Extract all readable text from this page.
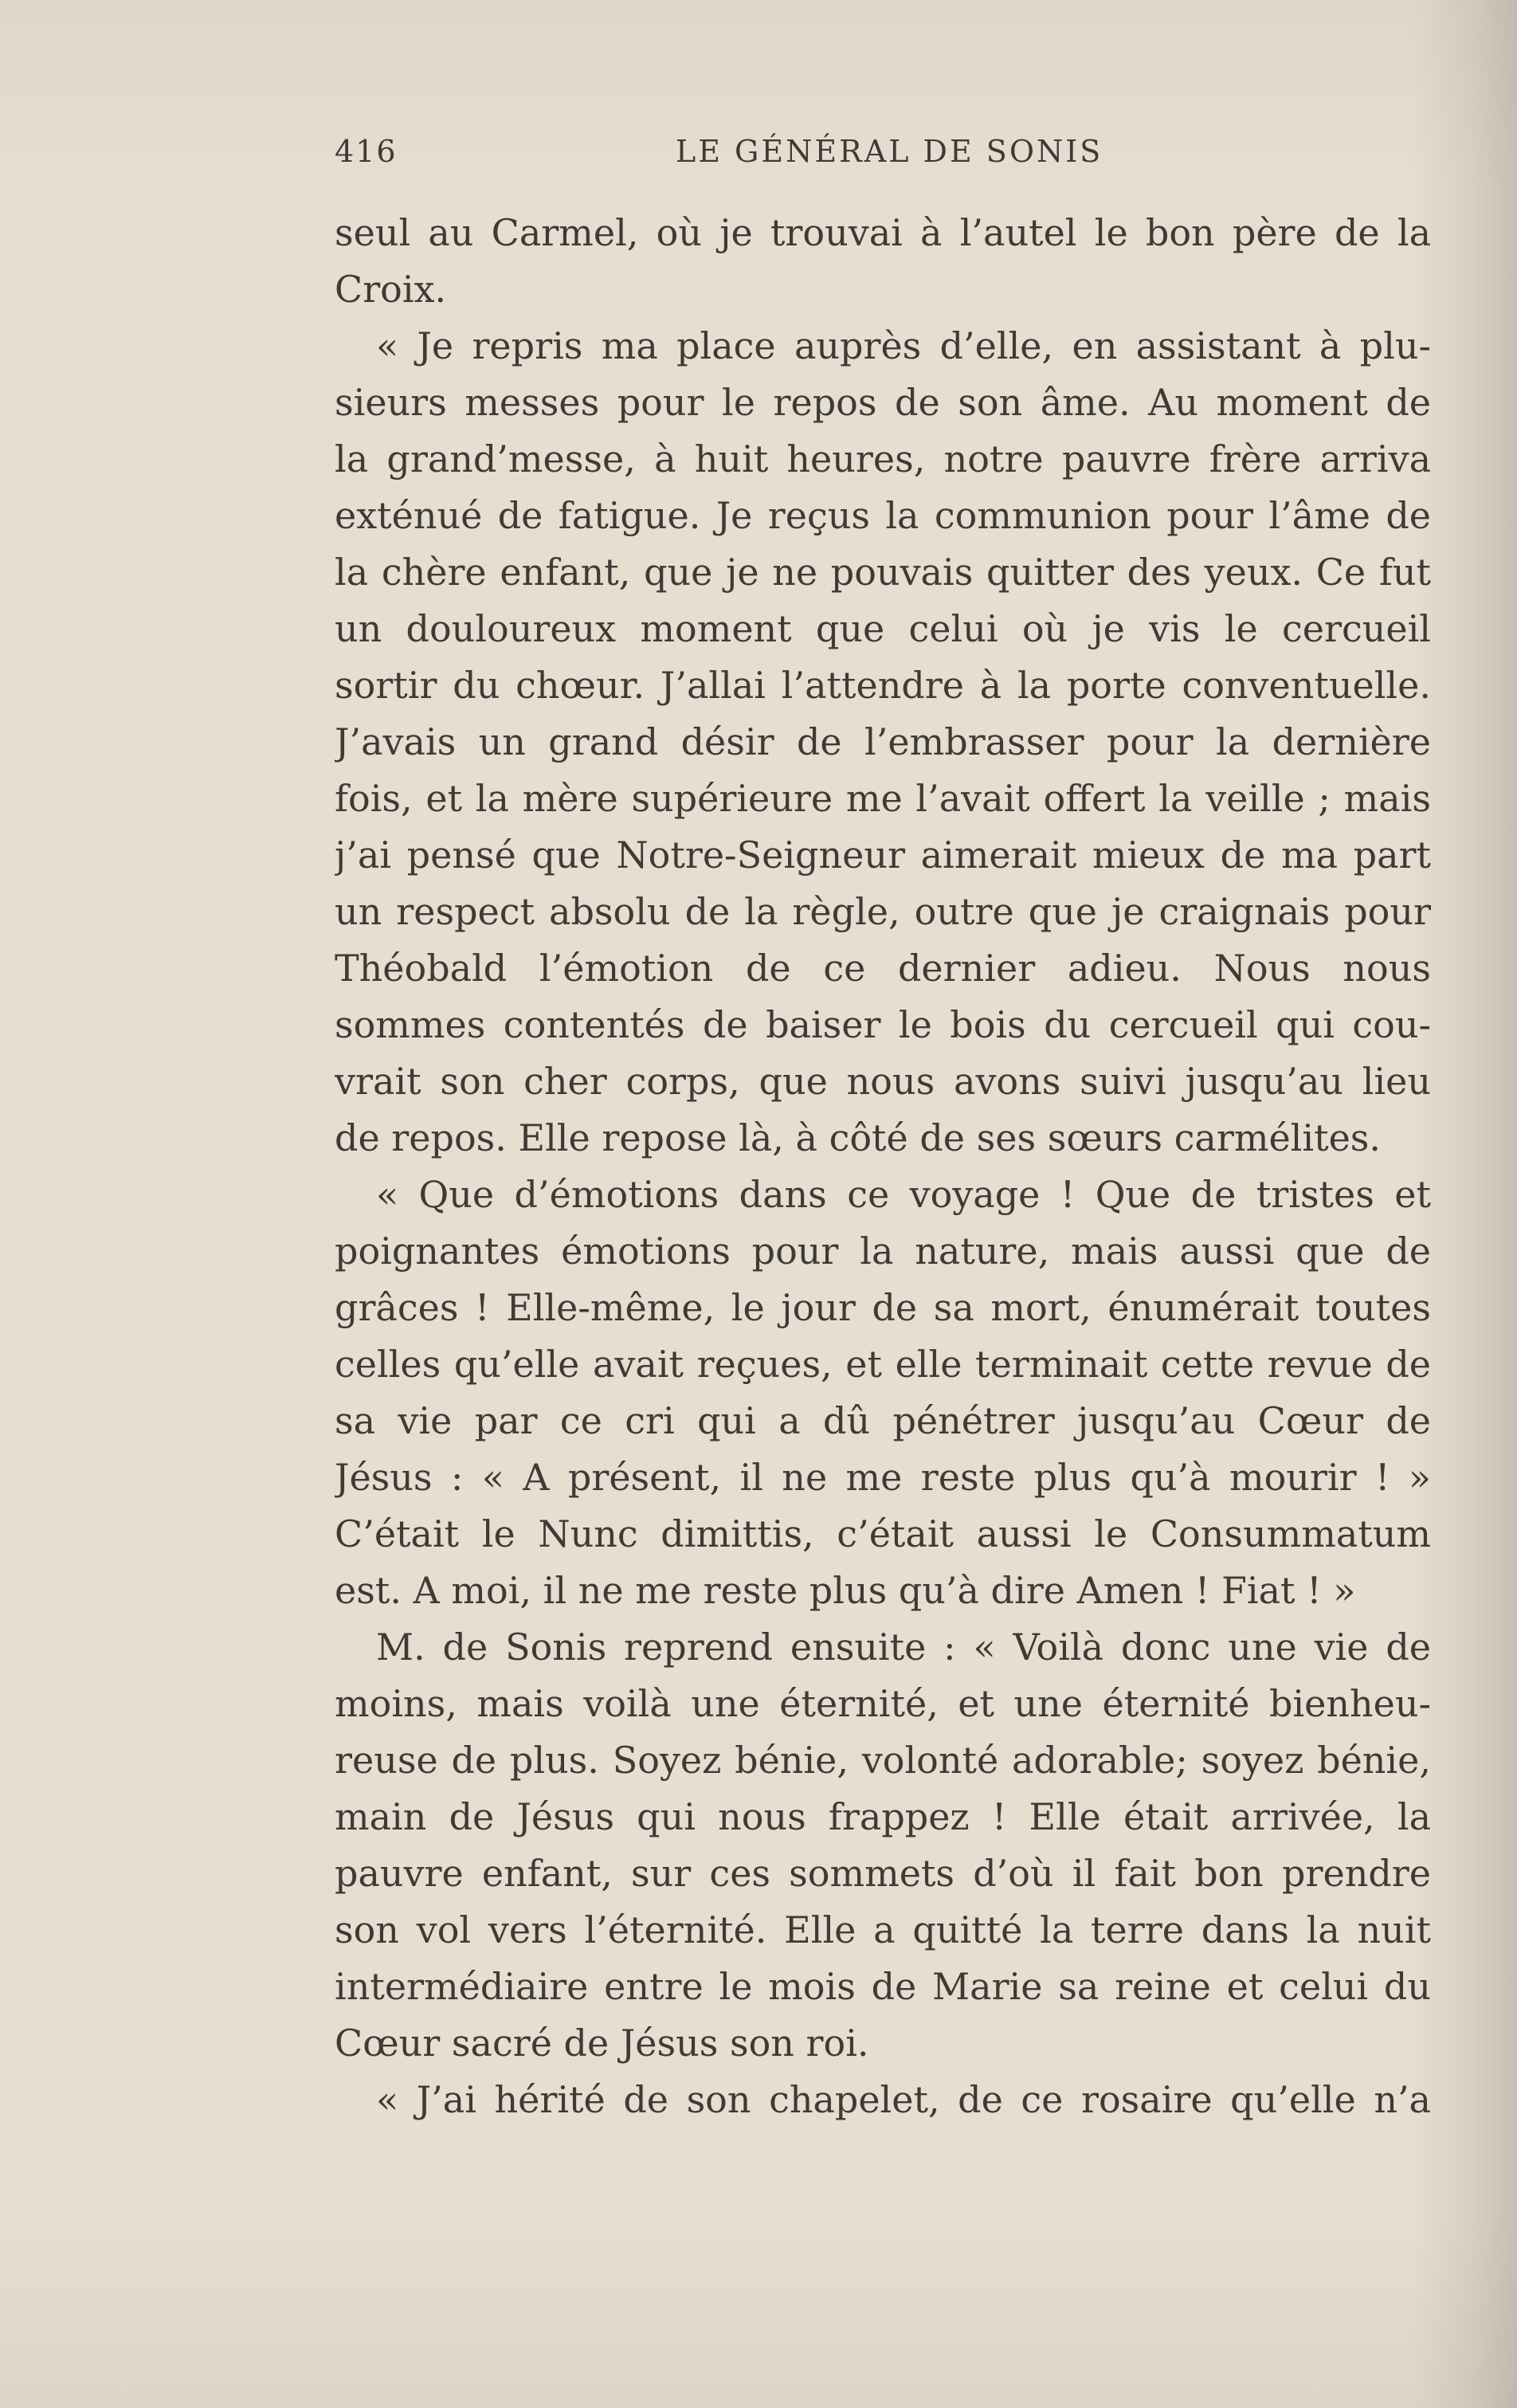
416	LE GÉNÉRAL DE SONIS
seul au Carmel, où je trouvai à l’autel le bon père de la
Croix.
« Je repris ma place auprès d’elle, en assistant à plu-
sieurs messes pour le repos de son âme. Au moment de
la grand’messe, à huit heures, notre pauvre frère arriva
exténué de fatigue. Je reçus la communion pour l’âme de
la chère enfant, que je ne pouvais quitter des yeux. Ce fut
un douloureux moment que celui où je vis le cercueil
sortir du chœur. J’allai l’attendre à la porte conventuelle.
J’avais un grand désir de l’embrasser pour la dernière
fois, et la mère supérieure me l’avait offert la veille ; mais
j’ai pensé que Notre-Seigneur aimerait mieux de ma part
un respect absolu de la règle, outre que je craignais pour
Théobald l’émotion de ce dernier adieu. Nous nous
sommes contentés de baiser le bois du cercueil qui cou-
vrait son cher corps, que nous avons suivi jusqu’au lieu
de repos. Elle repose là, à côté de ses sœurs carmélites.
« Que d’émotions dans ce voyage ! Que de tristes et
poignantes émotions pour la nature, mais aussi que de
grâces ! Elle-même, le jour de sa mort, énumérait toutes
celles qu’elle avait reçues, et elle terminait cette revue de
sa vie par ce cri qui a dû pénétrer jusqu’au Cœur de
Jésus : « A présent, il ne me reste plus qu’à mourir ! »
C’était le Nunc dimittis, c’était aussi le Consummatum
est. A moi, il ne me reste plus qu’à dire Amen ! Fiat ! »
M. de Sonis reprend ensuite : « Voilà donc une vie de
moins, mais voilà une éternité, et une éternité bienheu-
reuse de plus. Soyez bénie, volonté adorable; soyez bénie,
main de Jésus qui nous frappez ! Elle était arrivée, la
pauvre enfant, sur ces sommets d’où il fait bon prendre
son vol vers l’éternité. Elle a quitté la terre dans la nuit
intermédiaire entre le mois de Marie sa reine et celui du
Cœur sacré de Jésus son roi.
« J’ai hérité de son chapelet, de ce rosaire qu’elle n’a
